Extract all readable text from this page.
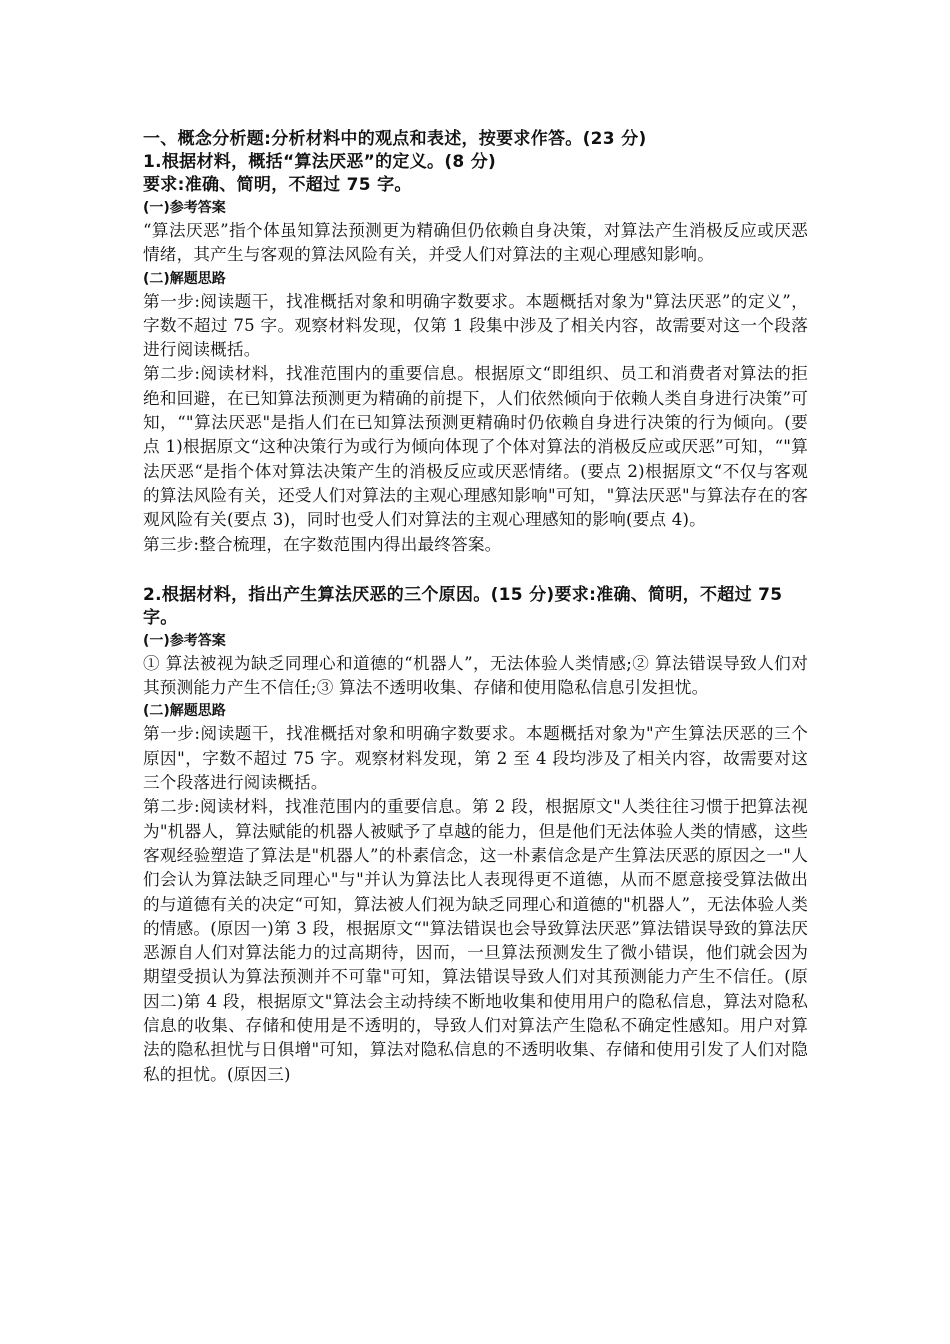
一、概念分析题:分析材料中的观点和表述，按要求作答。(23 分)
1.根据材料，概括“算法厌恶”的定义。(8 分)
要求:准确、简明，不超过 75 字。
(一)参考答案
“算法厌恶”指个体虽知算法预测更为精确但仍依赖自身决策，对算法产生消极反应或厌恶情绪，其产生与客观的算法风险有关，并受人们对算法的主观心理感知影响。
(二)解题思路
第一步:阅读题干，找准概括对象和明确字数要求。本题概括对象为"算法厌恶”的定义”，字数不超过 75 字。观察材料发现，仅第 1 段集中涉及了相关内容，故需要对这一个段落进行阅读概括。
第二步:阅读材料，找准范围内的重要信息。根据原文“即组织、员工和消费者对算法的拒绝和回避，在已知算法预测更为精确的前提下，人们依然倾向于依赖人类自身进行决策”可知，“"算法厌恶"是指人们在已知算法预测更精确时仍依赖自身进行决策的行为倾向。(要点 1)根据原文“这种决策行为或行为倾向体现了个体对算法的消极反应或厌恶”可知，“"算法厌恶“是指个体对算法决策产生的消极反应或厌恶情绪。(要点 2)根据原文“不仅与客观的算法风险有关，还受人们对算法的主观心理感知影响"可知，"算法厌恶"与算法存在的客观风险有关(要点 3)，同时也受人们对算法的主观心理感知的影响(要点 4)。
第三步:整合梳理，在字数范围内得出最终答案。
2.根据材料，指出产生算法厌恶的三个原因。(15 分)要求:准确、简明，不超过 75 字。
(一)参考答案
① 算法被视为缺乏同理心和道德的“机器人”，无法体验人类情感;② 算法错误导致人们对其预测能力产生不信任;③ 算法不透明收集、存储和使用隐私信息引发担忧。
(二)解题思路
第一步:阅读题干，找准概括对象和明确字数要求。本题概括对象为"产生算法厌恶的三个原因"，字数不超过 75 字。观察材料发现，第 2 至 4 段均涉及了相关内容，故需要对这三个段落进行阅读概括。
第二步:阅读材料，找准范围内的重要信息。第 2 段，根据原文"人类往往习惯于把算法视为"机器人，算法赋能的机器人被赋予了卓越的能力，但是他们无法体验人类的情感，这些客观经验塑造了算法是"机器人”的朴素信念，这一朴素信念是产生算法厌恶的原因之一"人们会认为算法缺乏同理心"与"并认为算法比人表现得更不道德，从而不愿意接受算法做出的与道德有关的决定“可知，算法被人们视为缺乏同理心和道德的"机器人”，无法体验人类的情感。(原因一)第 3 段，根据原文“"算法错误也会导致算法厌恶”算法错误导致的算法厌恶源自人们对算法能力的过高期待，因而，一旦算法预测发生了微小错误，他们就会因为期望受损认为算法预测并不可靠"可知，算法错误导致人们对其预测能力产生不信任。(原因二)第 4 段，根据原文"算法会主动持续不断地收集和使用用户的隐私信息，算法对隐私信息的收集、存储和使用是不透明的，导致人们对算法产生隐私不确定性感知。用户对算法的隐私担忧与日俱增"可知，算法对隐私信息的不透明收集、存储和使用引发了人们对隐私的担忧。(原因三)
